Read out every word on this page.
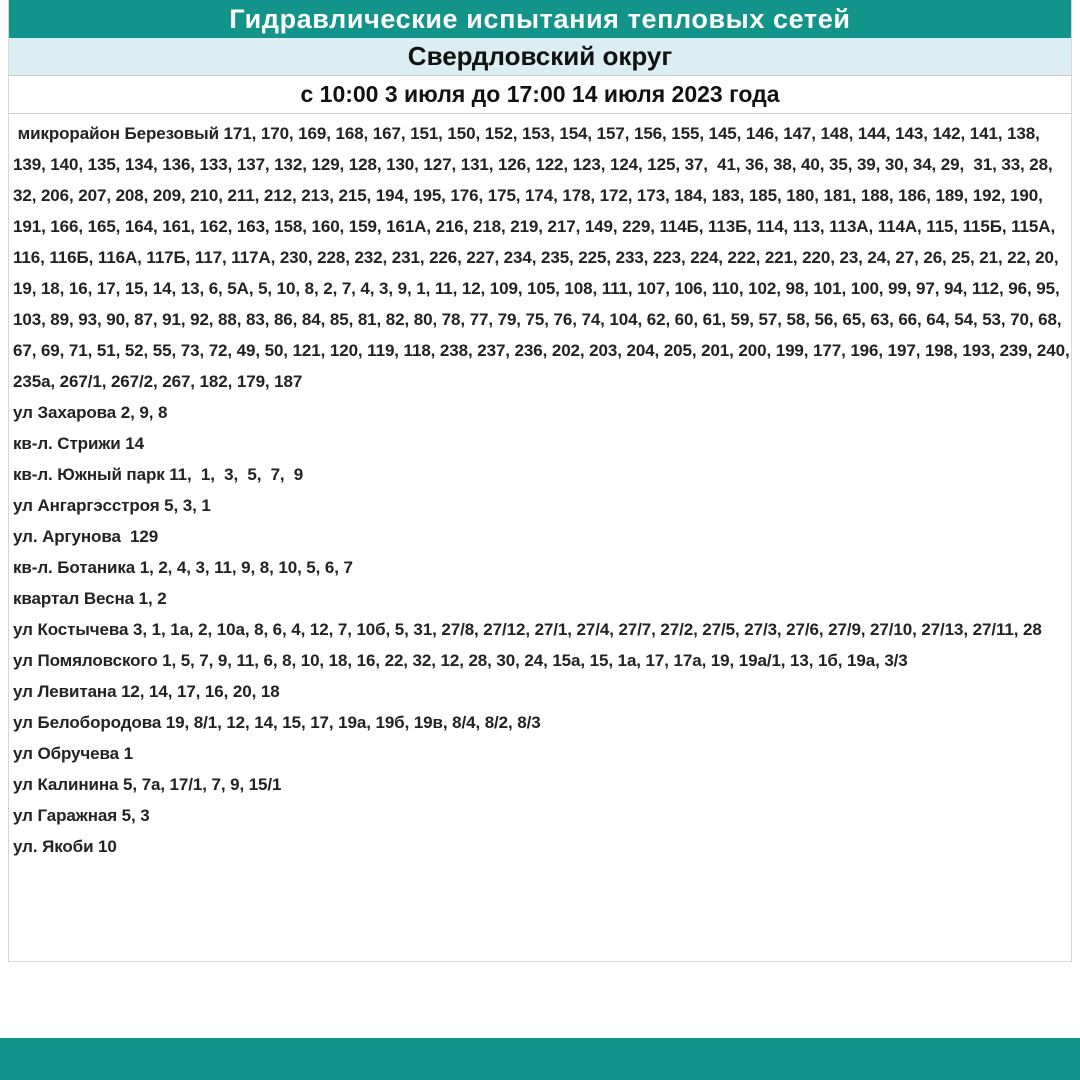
Гидравлические испытания тепловых сетей
Свердловский округ
с 10:00 3 июля до 17:00 14 июля 2023 года
микрорайон Березовый 171, 170, 169, 168, 167, 151, 150, 152, 153, 154, 157, 156, 155, 145, 146, 147, 148, 144, 143, 142, 141, 138, 139, 140, 135, 134, 136, 133, 137, 132, 129, 128, 130, 127, 131, 126, 122, 123, 124, 125, 37,  41, 36, 38, 40, 35, 39, 30, 34, 29,  31, 33, 28, 32, 206, 207, 208, 209, 210, 211, 212, 213, 215, 194, 195, 176, 175, 174, 178, 172, 173, 184, 183, 185, 180, 181, 188, 186, 189, 192, 190, 191, 166, 165, 164, 161, 162, 163, 158, 160, 159, 161А, 216, 218, 219, 217, 149, 229, 114Б, 113Б, 114, 113, 113А, 114А, 115, 115Б, 115А, 116, 116Б, 116А, 117Б, 117, 117А, 230, 228, 232, 231, 226, 227, 234, 235, 225, 233, 223, 224, 222, 221, 220, 23, 24, 27, 26, 25, 21, 22, 20, 19, 18, 16, 17, 15, 14, 13, 6, 5А, 5, 10, 8, 2, 7, 4, 3, 9, 1, 11, 12, 109, 105, 108, 111, 107, 106, 110, 102, 98, 101, 100, 99, 97, 94, 112, 96, 95, 103, 89, 93, 90, 87, 91, 92, 88, 83, 86, 84, 85, 81, 82, 80, 78, 77, 79, 75, 76, 74, 104, 62, 60, 61, 59, 57, 58, 56, 65, 63, 66, 64, 54, 53, 70, 68, 67, 69, 71, 51, 52, 55, 73, 72, 49, 50, 121, 120, 119, 118, 238, 237, 236, 202, 203, 204, 205, 201, 200, 199, 177, 196, 197, 198, 193, 239, 240, 235а, 267/1, 267/2, 267, 182, 179, 187
ул Захарова 2, 9, 8
кв-л. Стрижи 14
кв-л. Южный парк 11,  1,  3,  5,  7,  9
ул Ангаргэсстроя 5, 3, 1
ул. Аргунова  129
кв-л. Ботаника 1, 2, 4, 3, 11, 9, 8, 10, 5, 6, 7
квартал Весна 1, 2
ул Костычева 3, 1, 1а, 2, 10а, 8, 6, 4, 12, 7, 10б, 5, 31, 27/8, 27/12, 27/1, 27/4, 27/7, 27/2, 27/5, 27/3, 27/6, 27/9, 27/10, 27/13, 27/11, 28
ул Помяловского 1, 5, 7, 9, 11, 6, 8, 10, 18, 16, 22, 32, 12, 28, 30, 24, 15а, 15, 1а, 17, 17а, 19, 19а/1, 13, 1б, 19а, 3/3
ул Левитана 12, 14, 17, 16, 20, 18
ул Белобородова 19, 8/1, 12, 14, 15, 17, 19а, 19б, 19в, 8/4, 8/2, 8/3
ул Обручева 1
ул Калинина 5, 7а, 17/1, 7, 9, 15/1
ул Гаражная 5, 3
ул. Якоби 10
